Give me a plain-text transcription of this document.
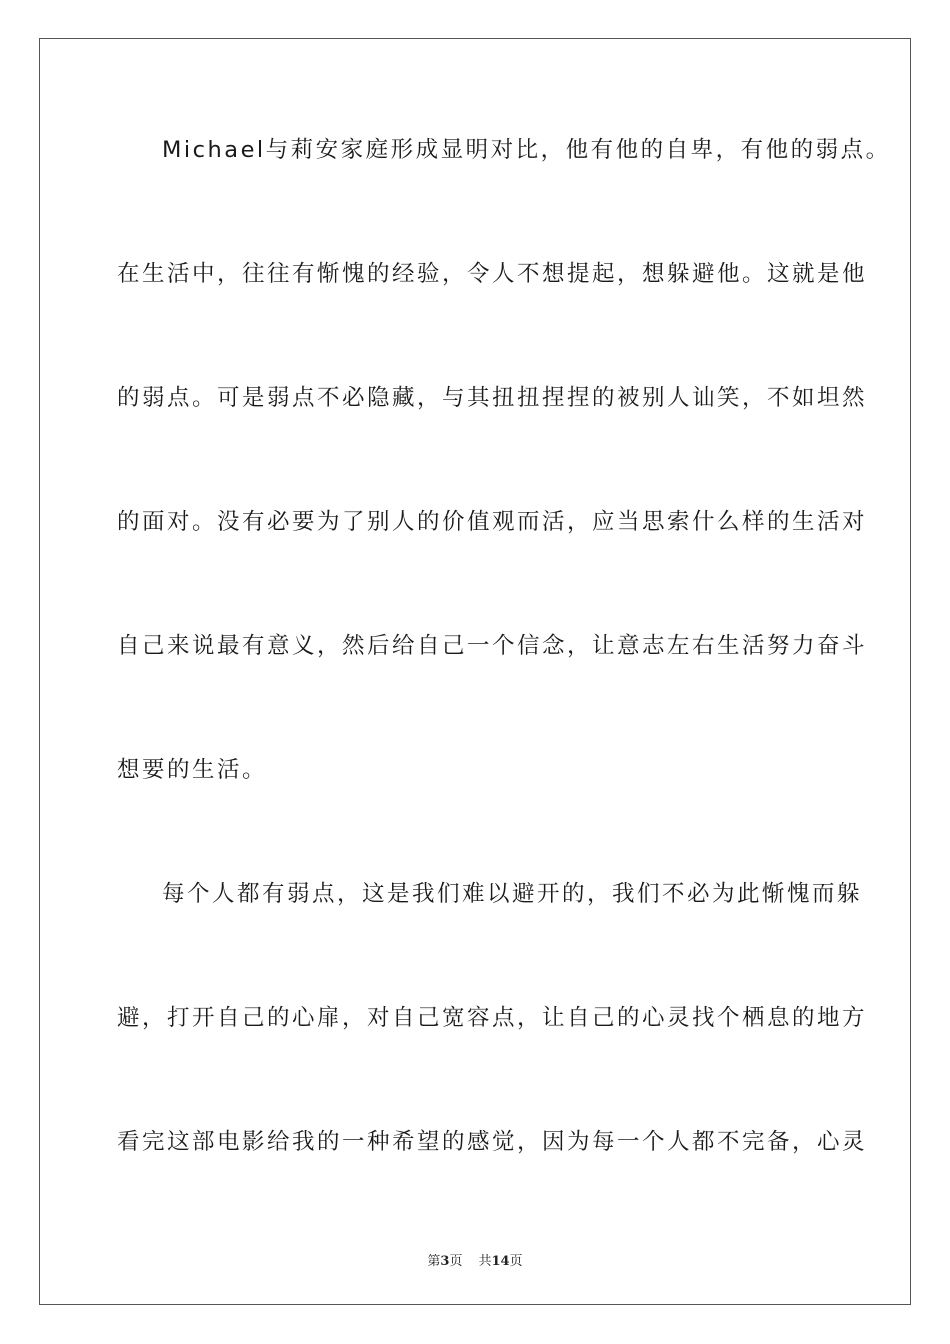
Michael与莉安家庭形成显明对比，他有他的自卑，有他的弱点。

在生活中，往往有惭愧的经验，令人不想提起，想躲避他。这就是他

的弱点。可是弱点不必隐藏，与其扭扭捏捏的被别人讪笑，不如坦然

的面对。没有必要为了别人的价值观而活，应当思索什么样的生活对

自己来说最有意义，然后给自己一个信念，让意志左右生活努力奋斗

想要的生活。

每个人都有弱点，这是我们难以避开的，我们不必为此惭愧而躲

避，打开自己的心扉，对自己宽容点，让自己的心灵找个栖息的地方

看完这部电影给我的一种希望的感觉，因为每一个人都不完备，心灵

第3页 共14页
